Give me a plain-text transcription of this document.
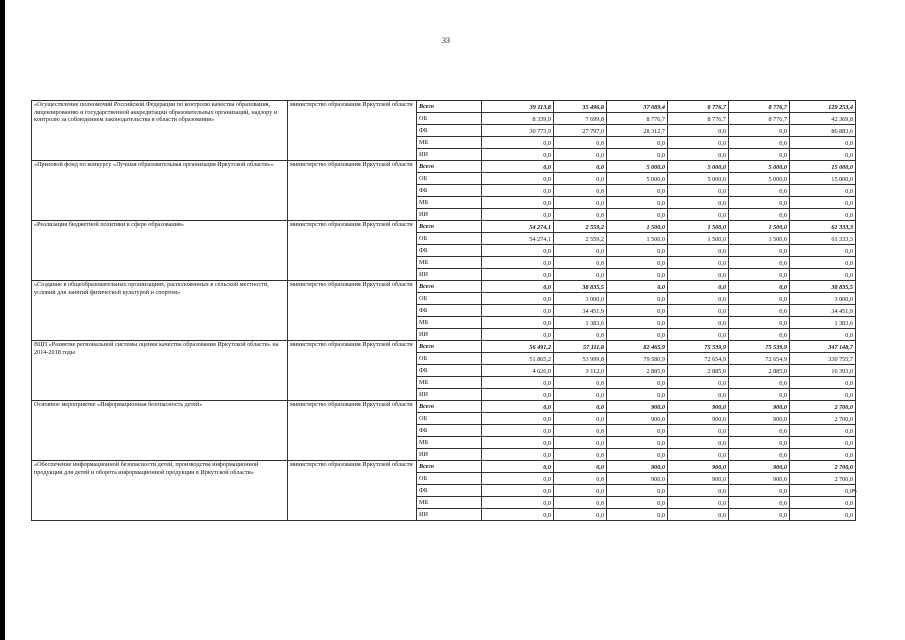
33
«Осуществление полномочий Российской Федерации по контролю качества образования, лицензированию и государственной аккредитации образовательных организаций, надзору и контролю за соблюдением законодательства в области образования»	министерство образования Иркутской области	Всего	39 113,8	35 496,8	37 089,4	8 776,7	8 776,7	129 253,4
		ОБ	8 339,9	7 699,8	8 776,7	8 776,7	8 776,7	42 369,8
		ФБ	30 773,9	27 797,0	28 312,7	0,0	0,0	86 883,6
		МБ	0,0	0,0	0,0	0,0	0,0	0,0
		ИИ	0,0	0,0	0,0	0,0	0,0	0,0
«Призовой фонд по конкурсу «Лучшая образовательная организация Иркутской области»»	министерство образования Иркутской области	Всего	0,0	0,0	5 000,0	5 000,0	5 000,0	15 000,0
		ОБ	0,0	0,0	5 000,0	5 000,0	5 000,0	15 000,0
		ФБ	0,0	0,0	0,0	0,0	0,0	0,0
		МБ	0,0	0,0	0,0	0,0	0,0	0,0
		ИИ	0,0	0,0	0,0	0,0	0,0	0,0
«Реализация бюджетной политики в сфере образования»	министерство образования Иркутской области	Всего	54 274,1	2 559,2	1 500,0	1 500,0	1 500,0	61 333,3
		ОБ	54 274,1	2 559,2	1 500,0	1 500,0	1 500,0	61 333,3
		ФБ	0,0	0,0	0,0	0,0	0,0	0,0
		МБ	0,0	0,0	0,0	0,0	0,0	0,0
		ИИ	0,0	0,0	0,0	0,0	0,0	0,0
«Создание в общеобразовательных организациях, расположенных в сельской местности, условий для занятий физической культурой и спортом»	министерство образования Иркутской области	Всего	0,0	38 835,5	0,0	0,0	0,0	38 835,5
		ОБ	0,0	3 000,0	0,0	0,0	0,0	3 000,0
		ФБ	0,0	34 451,9	0,0	0,0	0,0	34 451,9
		МБ	0,0	1 383,6	0,0	0,0	0,0	1 383,6
		ИИ	0,0	0,0	0,0	0,0	0,0	0,0
ВЦП «Развитие региональной системы оценки качества образования Иркутской области» на 2014-2018 годы	министерство образования Иркутской области	Всего	56 491,2	57 111,8	82 465,9	75 539,9	75 539,9	347 148,7
		ОБ	51 865,2	53 999,8	79 580,9	72 654,9	72 654,9	330 755,7
		ФБ	4 626,0	3 112,0	2 885,0	2 885,0	2 885,0	16 393,0
		МБ	0,0	0,0	0,0	0,0	0,0	0,0
		ИИ	0,0	0,0	0,0	0,0	0,0	0,0
Основное мероприятие «Информационная безопасность детей»	министерство образования Иркутской области	Всего	0,0	0,0	900,0	900,0	900,0	2 700,0
		ОБ	0,0	0,0	900,0	900,0	900,0	2 700,0
		ФБ	0,0	0,0	0,0	0,0	0,0	0,0
		МБ	0,0	0,0	0,0	0,0	0,0	0,0
		ИИ	0,0	0,0	0,0	0,0	0,0	0,0
«Обеспечение информационной безопасности детей, производства информационной продукции для детей и оборота информационной продукции в Иркутской области»	министерство образования Иркутской области	Всего	0,0	0,0	900,0	900,0	900,0	2 700,0
		ОБ	0,0	0,0	900,0	900,0	900,0	2 700,0
		ФБ	0,0	0,0	0,0	0,0	0,0	0,0
		МБ	0,0	0,0	0,0	0,0	0,0	0,0
		ИИ	0,0	0,0	0,0	0,0	0,0	0,0
».
